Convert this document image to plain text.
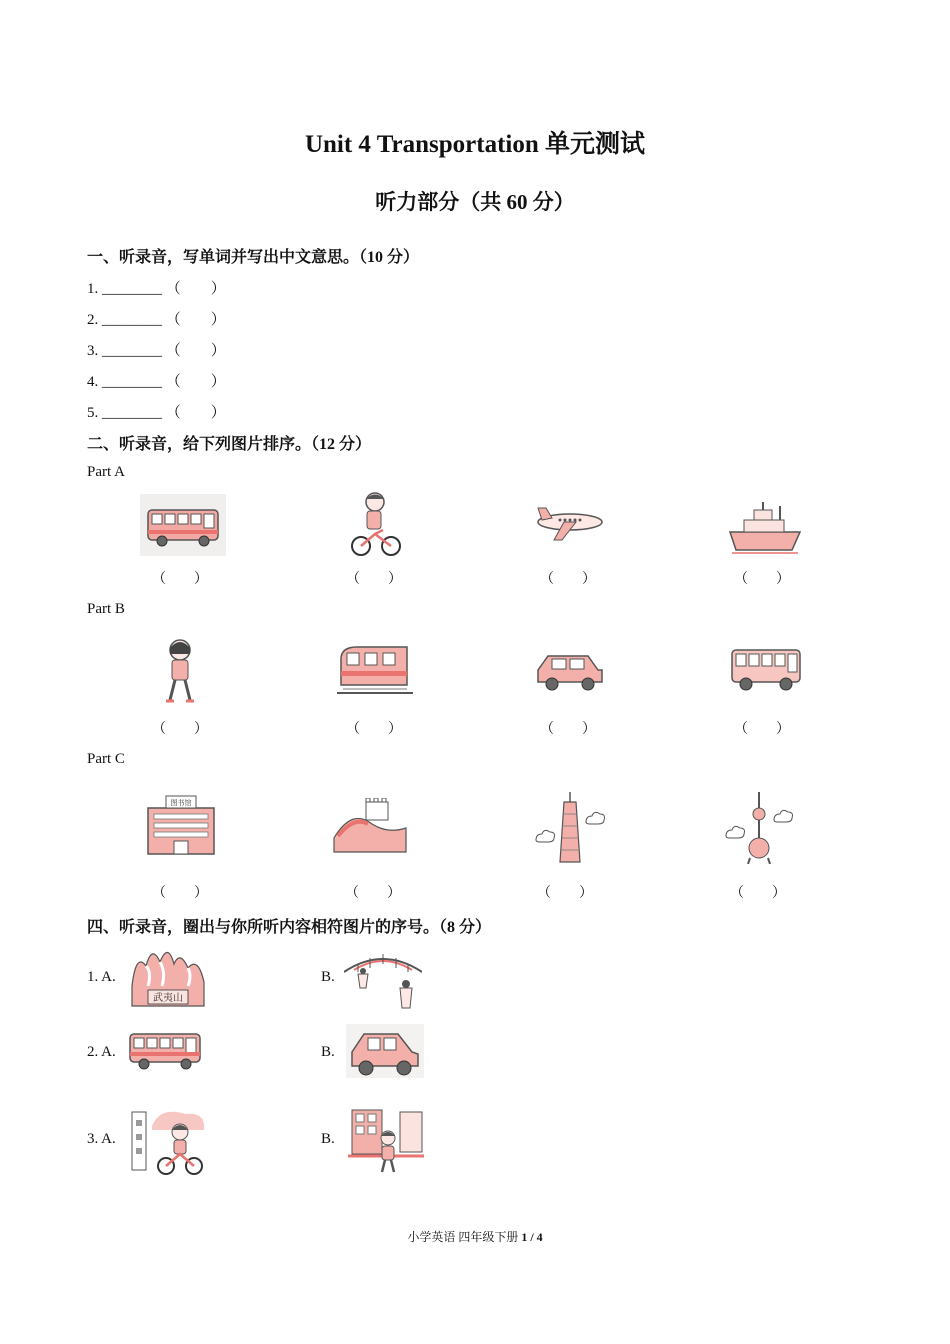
Unit 4 Transportation 单元测试
听力部分（共 60 分）
一、听录音，写单词并写出中文意思。（10 分）
1. ________ （　　）
2. ________ （　　）
3. ________ （　　）
4. ________ （　　）
5. ________ （　　）
二、听录音，给下列图片排序。（12 分）
Part A
（　　）	（　　）	（　　）	（　　）
Part B
（　　）	（　　）	（　　）	（　　）
Part C
图书馆
（　　）	（　　）	（　　）	（　　）
四、听录音，圈出与你所听内容相符图片的序号。（8 分）
1. A.
武夷山
B.
2. A.	B.
3. A.	B.
小学英语 四年级下册 1 / 4
